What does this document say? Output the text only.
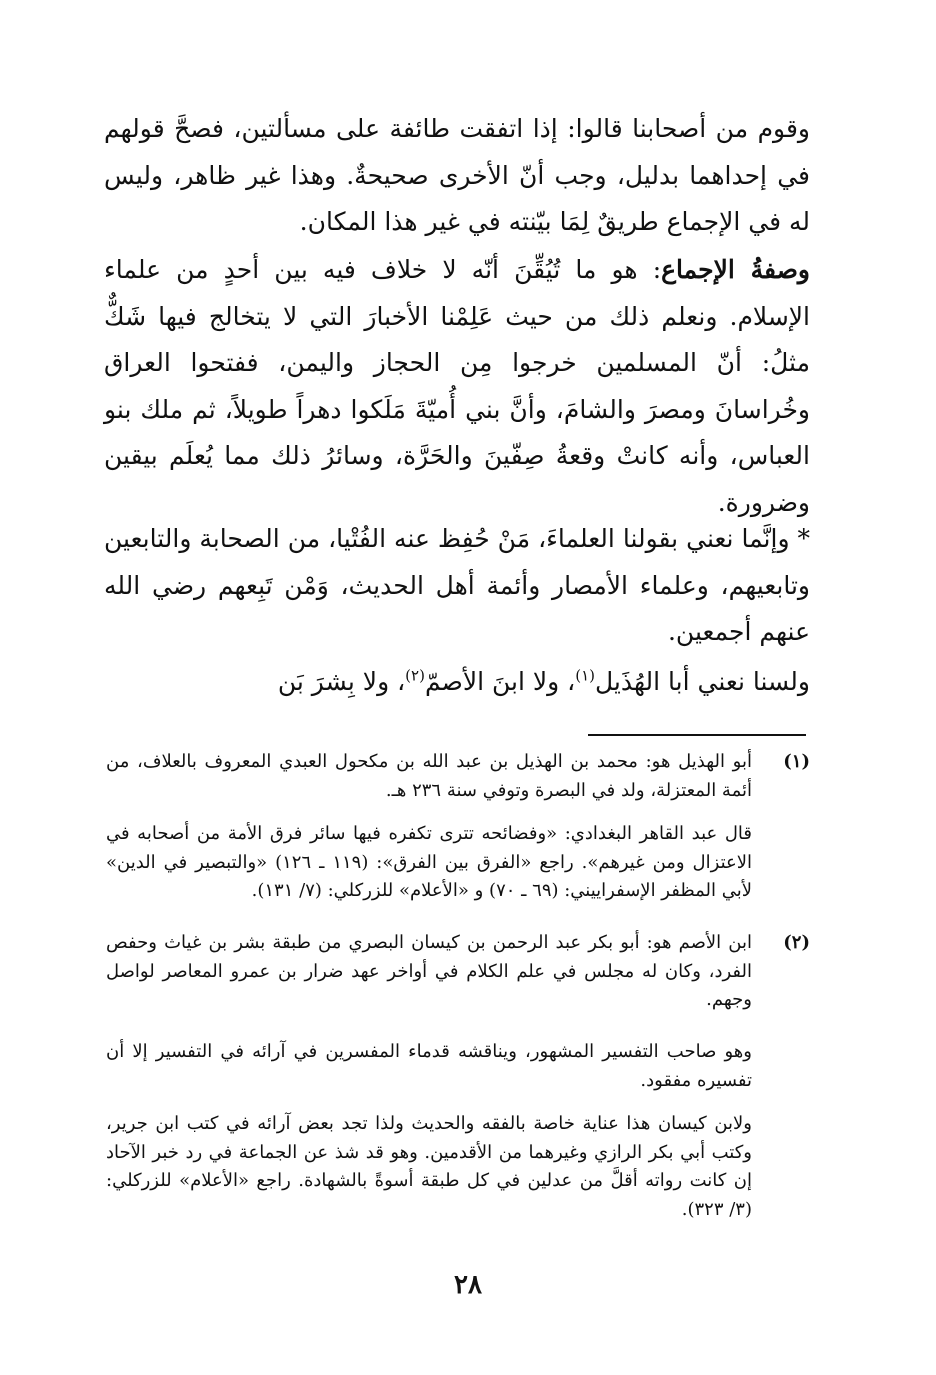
وقوم من أصحابنا قالوا: إذا اتفقت طائفة على مسألتين، فصحَّ قولهم في إحداهما بدليل، وجب أنّ الأخرى صحيحةٌ. وهذا غير ظاهر، وليس له في الإجماع طريقٌ لِمَا بيّنته في غير هذا المكان.

وصفةُ الإجماع: هو ما تُيُقِّنَ أنّه لا خلاف فيه بين أحدٍ من علماء الإسلام. ونعلم ذلك من حيث عَلِمْنا الأخبارَ التي لا يتخالج فيها شَكٌّ مثلُ: أنّ المسلمين خرجوا مِن الحجاز واليمن، ففتحوا العراق وخُراسانَ ومصرَ والشامَ، وأنَّ بني أُميّةَ مَلَكوا دهراً طويلاً، ثم ملك بنو العباس، وأنه كانتْ وقعةُ صِفّينَ والحَرَّة، وسائرُ ذلك مما يُعلَم بيقين وضرورة.

* وإنَّما نعني بقولنا العلماءَ، مَنْ حُفِظ عنه الفُتْيا، من الصحابة والتابعين وتابعيهم، وعلماء الأمصار وأئمة أهل الحديث، وَمْن تَبِعهم رضي الله عنهم أجمعين.

ولسنا نعني أبا الهُذَيل$^{(١)}$، ولا ابنَ الأصمّ$^{(٢)}$، ولا بِشرَ بَن

(١)

أبو الهذيل هو: محمد بن الهذيل بن عبد الله بن مكحول العبدي المعروف بالعلاف، من أئمة المعتزلة، ولد في البصرة وتوفي سنة ٢٣٦ هـ.

قال عبد القاهر البغدادي: «وفضائحه تترى تكفره فيها سائر فرق الأمة من أصحابه في الاعتزال ومن غيرهم». راجع «الفرق بين الفرق»: (١١٩ ـ ١٢٦) «والتبصير في الدين» لأبي المظفر الإسفراييني: (٦٩ ـ ٧٠) و «الأعلام» للزركلي: (٧/ ١٣١).

(٢)

ابن الأصم هو: أبو بكر عبد الرحمن بن كيسان البصري من طبقة بشر بن غياث وحفص الفرد، وكان له مجلس في علم الكلام في أواخر عهد ضرار بن عمرو المعاصر لواصل وجهم.

وهو صاحب التفسير المشهور، ويناقشه قدماء المفسرين في آرائه في التفسير إلا أن تفسيره مفقود.

ولابن كيسان هذا عناية خاصة بالفقه والحديث ولذا تجد بعض آرائه في كتب ابن جرير، وكتب أبي بكر الرازي وغيرهما من الأقدمين. وهو قد شذ عن الجماعة في رد خبر الآحاد إن كانت رواته أقلَّ من عدلين في كل طبقة أسوةً بالشهادة. راجع «الأعلام» للزركلي: (٣/ ٣٢٣).

٢٨
